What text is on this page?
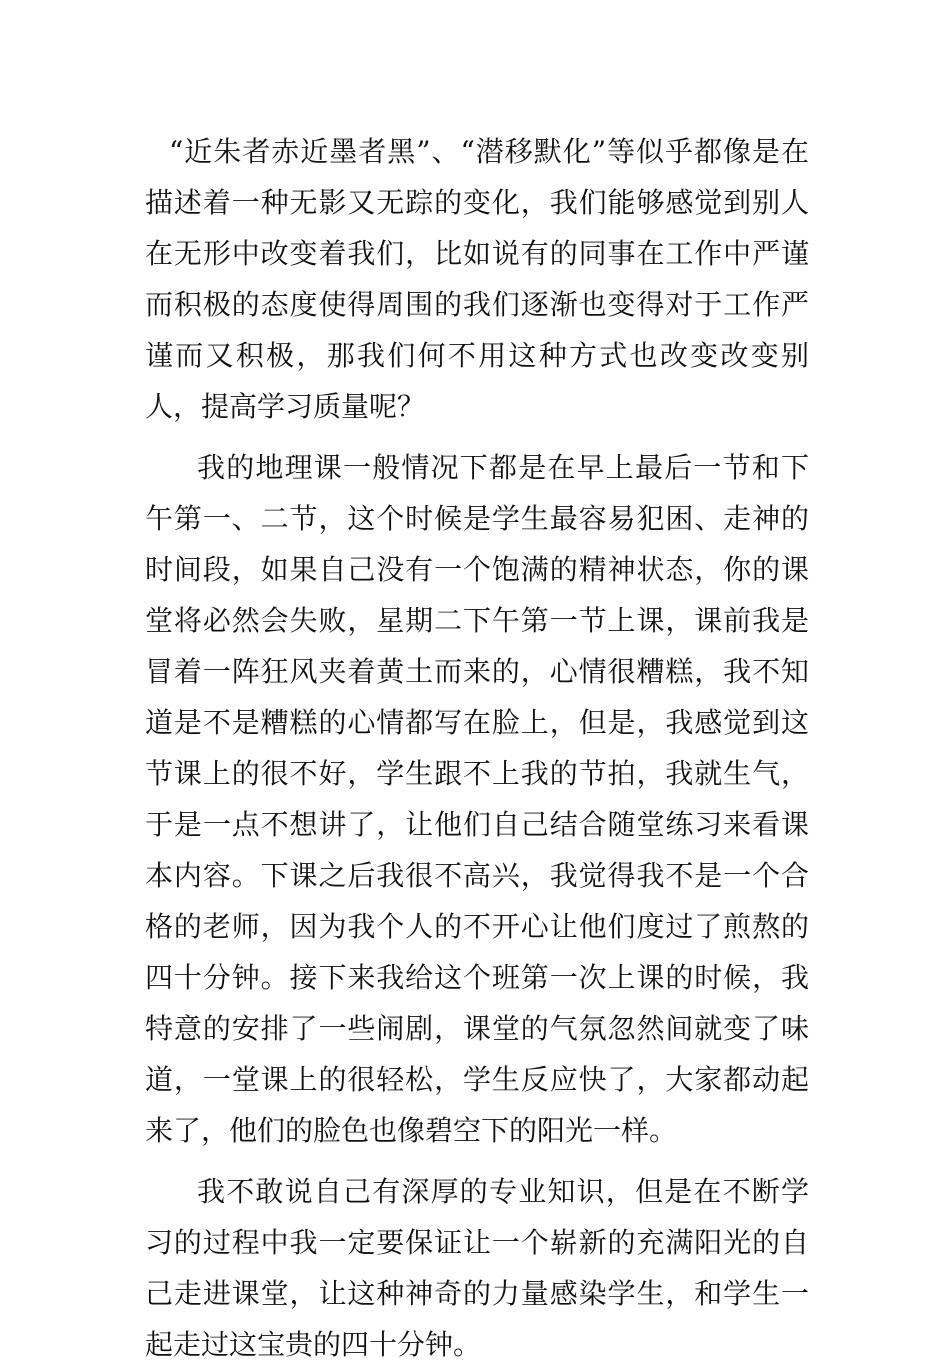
“近朱者赤近墨者黑”、“潜移默化”等似乎都像是在描述着一种无影又无踪的变化，我们能够感觉到别人在无形中改变着我们，比如说有的同事在工作中严谨而积极的态度使得周围的我们逐渐也变得对于工作严谨而又积极，那我们何不用这种方式也改变改变别人，提高学习质量呢？

我的地理课一般情况下都是在早上最后一节和下午第一、二节，这个时候是学生最容易犯困、走神的时间段，如果自己没有一个饱满的精神状态，你的课堂将必然会失败，星期二下午第一节上课，课前我是冒着一阵狂风夹着黄土而来的，心情很糟糕，我不知道是不是糟糕的心情都写在脸上，但是，我感觉到这节课上的很不好，学生跟不上我的节拍，我就生气，于是一点不想讲了，让他们自己结合随堂练习来看课本内容。下课之后我很不高兴，我觉得我不是一个合格的老师，因为我个人的不开心让他们度过了煎熬的四十分钟。接下来我给这个班第一次上课的时候，我特意的安排了一些闹剧，课堂的气氛忽然间就变了味道，一堂课上的很轻松，学生反应快了，大家都动起来了，他们的脸色也像碧空下的阳光一样。

我不敢说自己有深厚的专业知识，但是在不断学习的过程中我一定要保证让一个崭新的充满阳光的自己走进课堂，让这种神奇的力量感染学生，和学生一起走过这宝贵的四十分钟。
